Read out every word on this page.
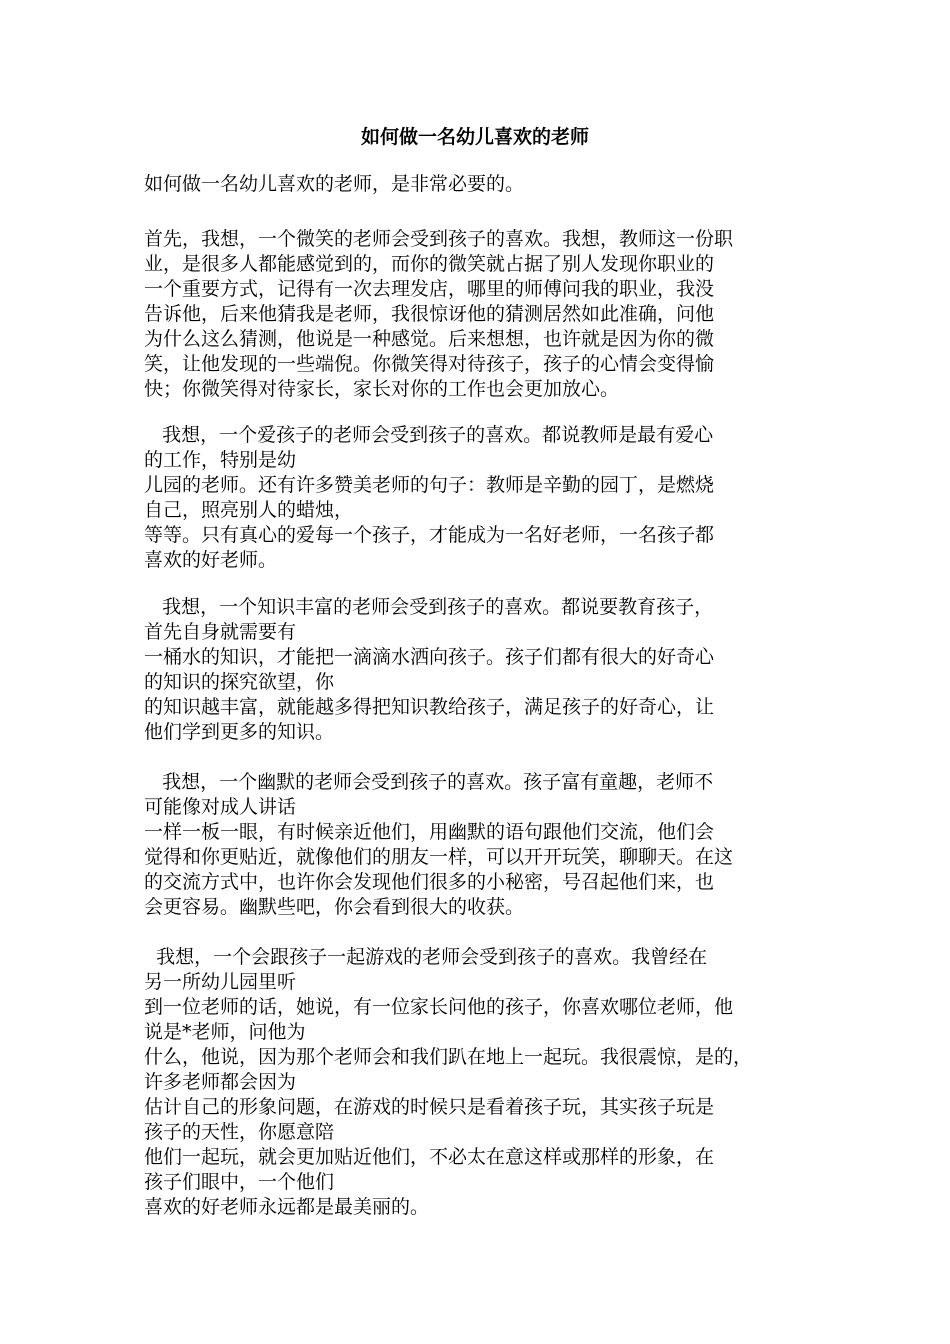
如何做一名幼儿喜欢的老师
如何做一名幼儿喜欢的老师，是非常必要的。
首先，我想，一个微笑的老师会受到孩子的喜欢。我想，教师这一份职
业，是很多人都能感觉到的，而你的微笑就占据了别人发现你职业的
一个重要方式，记得有一次去理发店，哪里的师傅问我的职业，我没
告诉他，后来他猜我是老师，我很惊讶他的猜测居然如此准确，问他
为什么这么猜测，他说是一种感觉。后来想想，也许就是因为你的微
笑，让他发现的一些端倪。你微笑得对待孩子，孩子的心情会变得愉
快；你微笑得对待家长，家长对你的工作也会更加放心。
我想，一个爱孩子的老师会受到孩子的喜欢。都说教师是最有爱心
的工作，特别是幼
儿园的老师。还有许多赞美老师的句子：教师是辛勤的园丁，是燃烧
自己，照亮别人的蜡烛，
等等。只有真心的爱每一个孩子，才能成为一名好老师，一名孩子都
喜欢的好老师。
我想，一个知识丰富的老师会受到孩子的喜欢。都说要教育孩子，
首先自身就需要有
一桶水的知识，才能把一滴滴水洒向孩子。孩子们都有很大的好奇心
的知识的探究欲望，你
的知识越丰富，就能越多得把知识教给孩子，满足孩子的好奇心，让
他们学到更多的知识。
我想，一个幽默的老师会受到孩子的喜欢。孩子富有童趣，老师不
可能像对成人讲话
一样一板一眼，有时候亲近他们，用幽默的语句跟他们交流，他们会
觉得和你更贴近，就像他们的朋友一样，可以开开玩笑，聊聊天。在这
的交流方式中，也许你会发现他们很多的小秘密，号召起他们来，也
会更容易。幽默些吧，你会看到很大的收获。
我想，一个会跟孩子一起游戏的老师会受到孩子的喜欢。我曾经在
另一所幼儿园里听
到一位老师的话，她说，有一位家长问他的孩子，你喜欢哪位老师，他
说是*老师，问他为
什么，他说，因为那个老师会和我们趴在地上一起玩。我很震惊，是的，
许多老师都会因为
估计自己的形象问题，在游戏的时候只是看着孩子玩，其实孩子玩是
孩子的天性，你愿意陪
他们一起玩，就会更加贴近他们，不必太在意这样或那样的形象，在
孩子们眼中，一个他们
喜欢的好老师永远都是最美丽的。
